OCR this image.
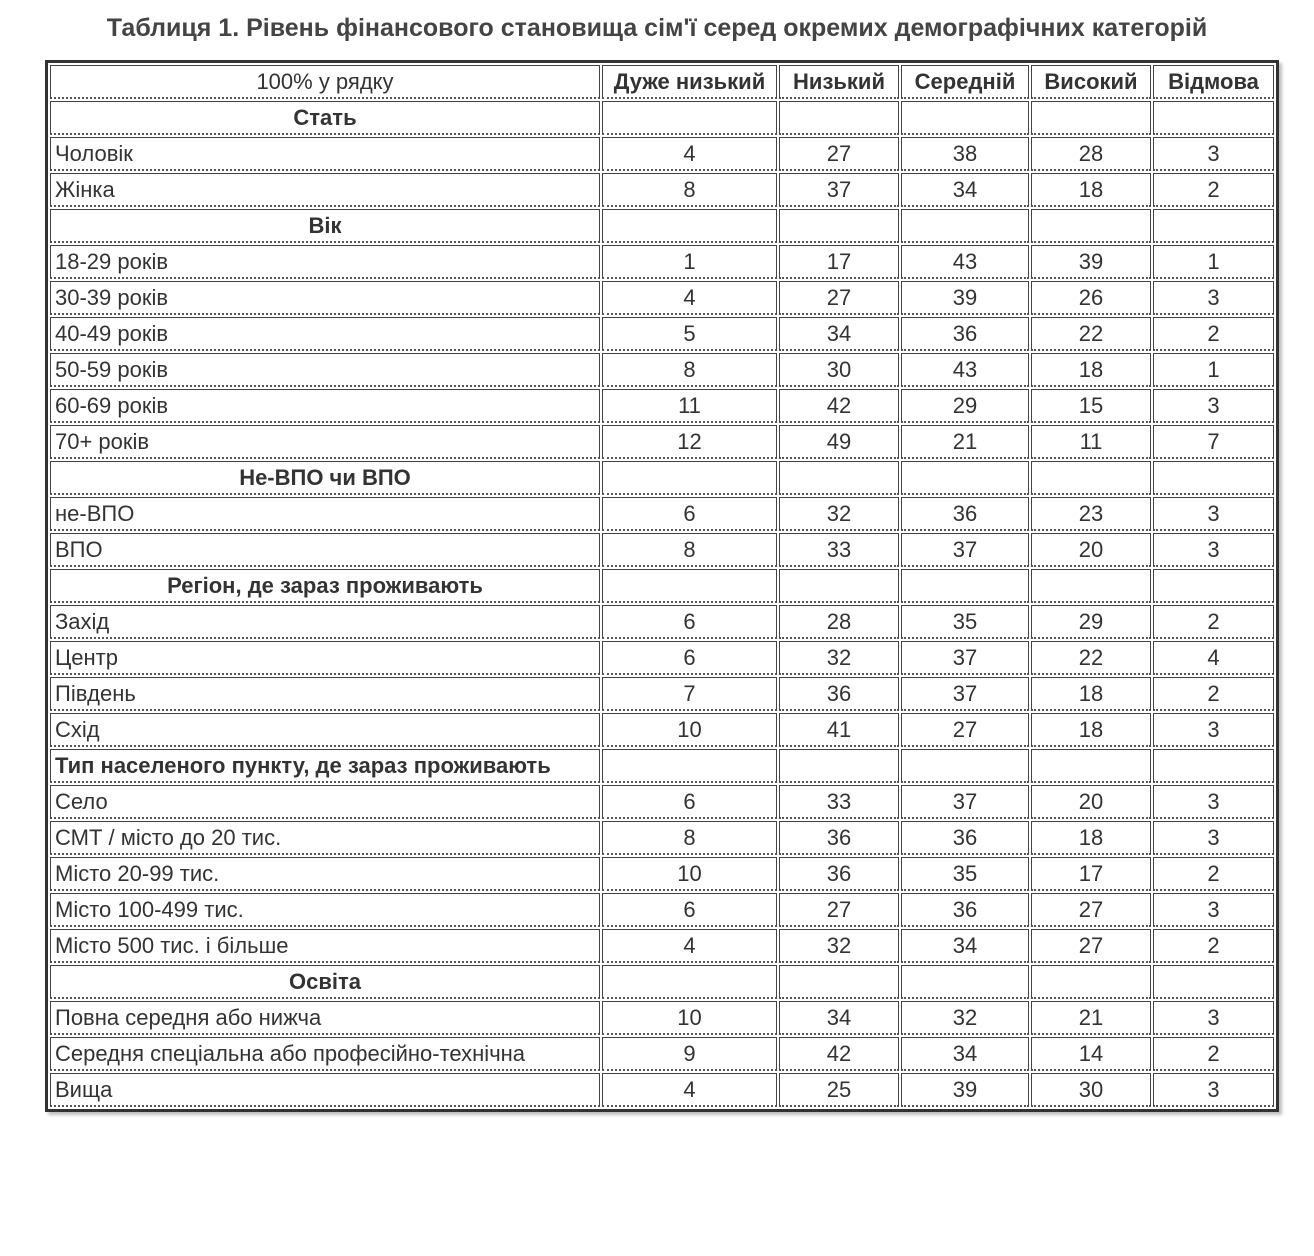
Таблиця 1. Рівень фінансового становища сім'ї серед окремих демографічних категорій
100% у рядку	Дуже низький	Низький	Середній	Високий	Відмова
Стать					
Чоловік	4	27	38	28	3
Жінка	8	37	34	18	2
Вік					
18-29 років	1	17	43	39	1
30-39 років	4	27	39	26	3
40-49 років	5	34	36	22	2
50-59 років	8	30	43	18	1
60-69 років	11	42	29	15	3
70+ років	12	49	21	11	7
Не-ВПО чи ВПО					
не-ВПО	6	32	36	23	3
ВПО	8	33	37	20	3
Регіон, де зараз проживають					
Захід	6	28	35	29	2
Центр	6	32	37	22	4
Південь	7	36	37	18	2
Схід	10	41	27	18	3
Тип населеного пункту, де зараз проживають					
Село	6	33	37	20	3
СМТ / місто до 20 тис.	8	36	36	18	3
Місто 20-99 тис.	10	36	35	17	2
Місто 100-499 тис.	6	27	36	27	3
Місто 500 тис. і більше	4	32	34	27	2
Освіта					
Повна середня або нижча	10	34	32	21	3
Середня спеціальна або професійно-технічна	9	42	34	14	2
Вища	4	25	39	30	3
